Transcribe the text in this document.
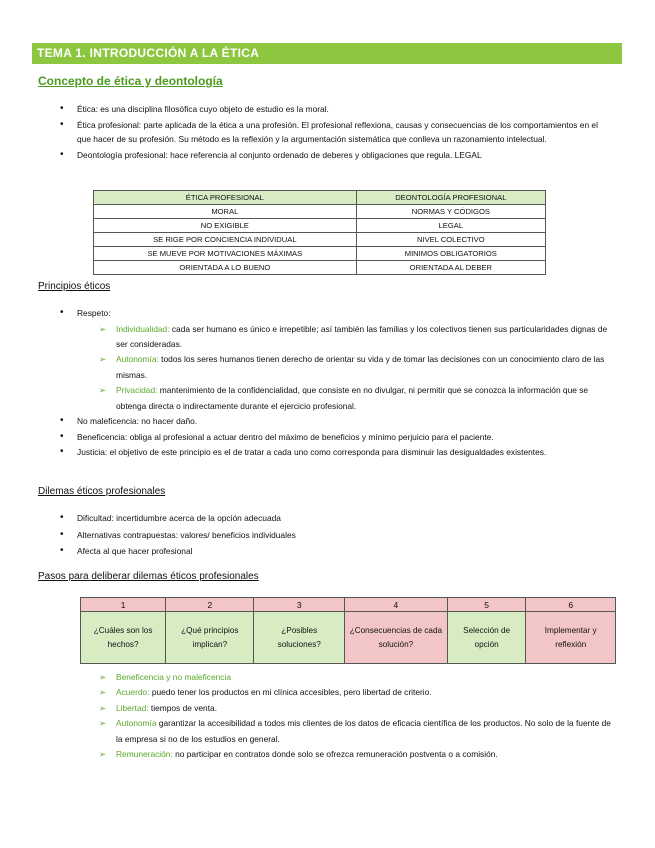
TEMA 1. INTRODUCCIÓN A LA ÉTICA
Concepto de ética y deontología
• Ética: es una disciplina filosófica cuyo objeto de estudio es la moral.
• Ética profesional: parte aplicada de la ética a una profesión. El profesional reflexiona, causas y consecuencias de los comportamientos en el que hacer de su profesión. Su método es la reflexión y la argumentación sistemática que conlleva un razonamiento intelectual.
• Deontología profesional: hace referencia al conjunto ordenado de deberes y obligaciones que regula. LEGAL
ÉTICA PROFESIONAL	DEONTOLOGÍA PROFESIONAL
MORAL	NORMAS Y CÓDIGOS
NO EXIGIBLE	LEGAL
SE RIGE POR CONCIENCIA INDIVIDUAL	NIVEL COLECTIVO
SE MUEVE POR MOTIVACIONES MÁXIMAS	MINIMOS OBLIGATORIOS
ORIENTADA A LO BUENO	ORIENTADA AL DEBER
Principios éticos
• Respeto:
➢ Individualidad: cada ser humano es único e irrepetible; así también las familias y los colectivos tienen sus particularidades dignas de ser consideradas.
➢ Autonomía: todos los seres humanos tienen derecho de orientar su vida y de tomar las decisiones con un conocimiento claro de las mismas.
➢ Privacidad: mantenimiento de la confidencialidad, que consiste en no divulgar, ni permitir que se conozca la información que se obtenga directa o indirectamente durante el ejercicio profesional.
• No maleficencia: no hacer daño.
• Beneficencia: obliga al profesional a actuar dentro del máximo de beneficios y mínimo perjuicio para el paciente.
• Justicia: el objetivo de este principio es el de tratar a cada uno como corresponda para disminuir las desigualdades existentes.
Dilemas éticos profesionales
• Dificultad: incertidumbre acerca de la opción adecuada
• Alternativas contrapuestas: valores/ beneficios individuales
• Afecta al que hacer profesional
Pasos para deliberar dilemas éticos profesionales
1	2	3	4	5	6
¿Cuáles son los hechos?	¿Qué principios implican?	¿Posibles soluciones?	¿Consecuencias de cada solución?	Selección de opción	Implementar y reflexión
➢ Beneficencia y no maleficencia
➢ Acuerdo: puedo tener los productos en mi clínica accesibles, pero libertad de criterio.
➢ Libertad: tiempos de venta.
➢ Autonomía garantizar la accesibilidad a todos mis clientes de los datos de eficacia científica de los productos. No solo de la fuente de la empresa si no de los estudios en general.
➢ Remuneración: no participar en contratos donde solo se ofrezca remuneración postventa o a comisión.
